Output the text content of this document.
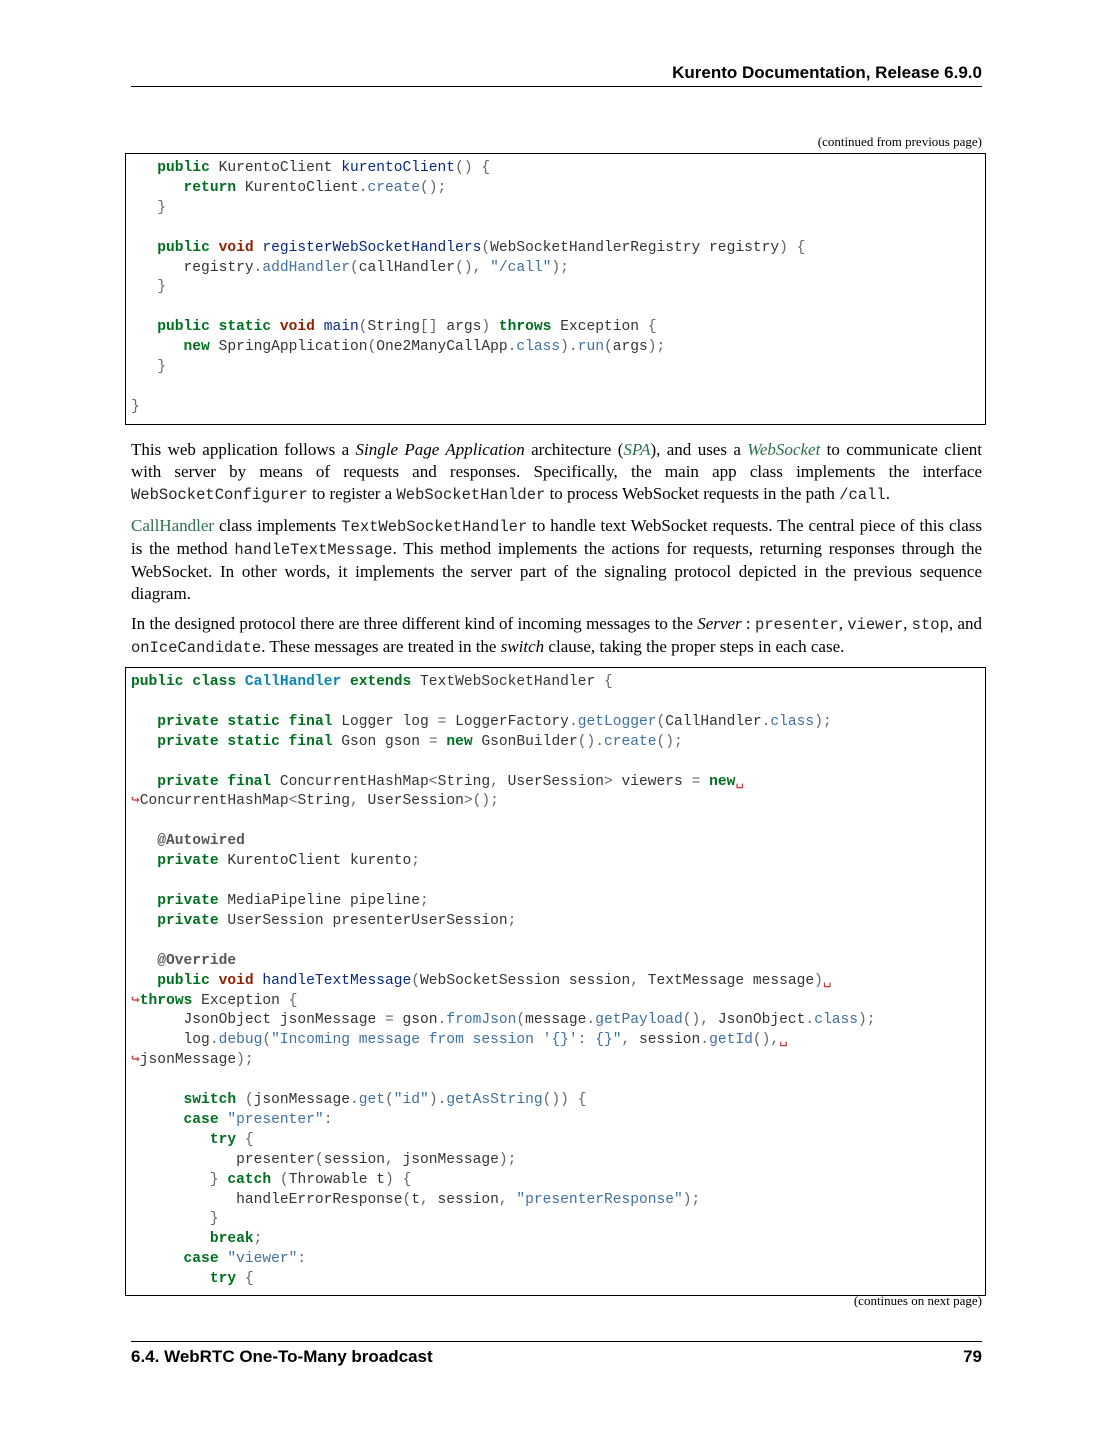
Kurento Documentation, Release 6.9.0
(continued from previous page)
public KurentoClient kurentoClient() {
return KurentoClient.create();
}

public void registerWebSocketHandlers(WebSocketHandlerRegistry registry) {
registry.addHandler(callHandler(), "/call");
}

public static void main(String[] args) throws Exception {
new SpringApplication(One2ManyCallApp.class).run(args);
}

}

This web application follows a Single Page Application architecture (SPA), and uses a WebSocket to communicate client with server by means of requests and responses. Specifically, the main app class implements the interface WebSocketConfigurer to register a WebSocketHanlder to process WebSocket requests in the path /call.

CallHandler class implements TextWebSocketHandler to handle text WebSocket requests. The central piece of this class is the method handleTextMessage. This method implements the actions for requests, returning responses through the WebSocket. In other words, it implements the server part of the signaling protocol depicted in the previous sequence diagram.

In the designed protocol there are three different kind of incoming messages to the Server : presenter, viewer, stop, and onIceCandidate. These messages are treated in the switch clause, taking the proper steps in each case.

public class CallHandler extends TextWebSocketHandler {

private static final Logger log = LoggerFactory.getLogger(CallHandler.class);
private static final Gson gson = new GsonBuilder().create();

private final ConcurrentHashMap<String, UserSession> viewers = new␣
↪ConcurrentHashMap<String, UserSession>();

@Autowired
private KurentoClient kurento;

private MediaPipeline pipeline;
private UserSession presenterUserSession;

@Override
public void handleTextMessage(WebSocketSession session, TextMessage message)␣
↪throws Exception {
JsonObject jsonMessage = gson.fromJson(message.getPayload(), JsonObject.class);
log.debug("Incoming message from session '{}': {}", session.getId(),␣
↪jsonMessage);

switch (jsonMessage.get("id").getAsString()) {
case "presenter":
try {
presenter(session, jsonMessage);
} catch (Throwable t) {
handleErrorResponse(t, session, "presenterResponse");
}
break;
case "viewer":
try {
(continues on next page)
6.4. WebRTC One-To-Many broadcast	79
